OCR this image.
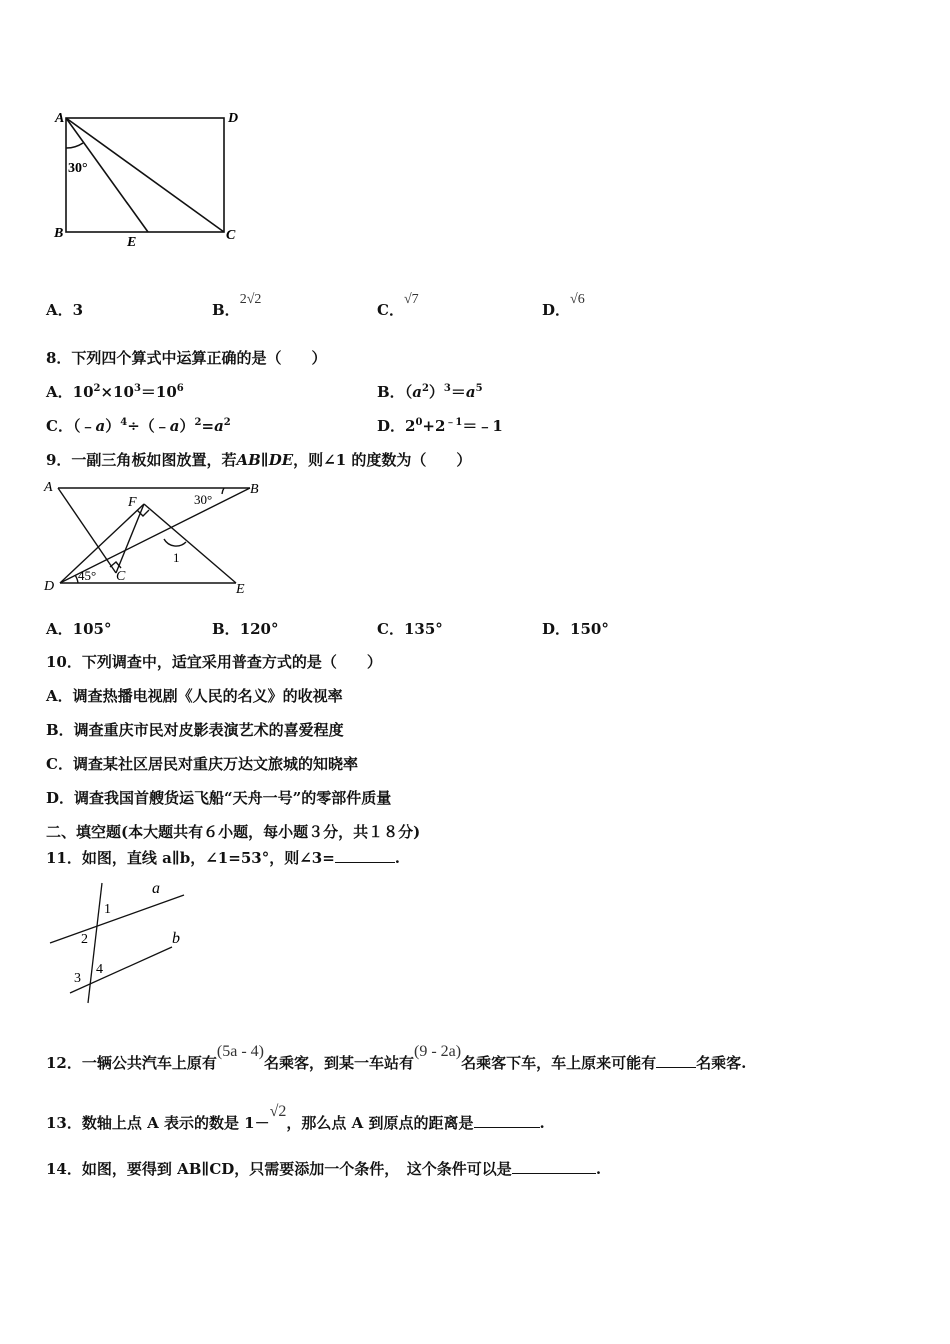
A	D
B	C
E
30°
A．3	B．2√2
C．√7
D．√6
8．下列四个算式中运算正确的是（　　）
A．$10^2\times 10^3=10^6$	B．$(a^2)^3=a^5$
C．$(﹣a)^4\div(﹣a)^2=a^2$	D．$2^0+2^{﹣1}=﹣1$
9．一副三角板如图放置，若AB∥DE，则∠1 的度数为（　　）
A	B
F
D
C
E
30°
45°
1
A．105°	B．120°	C．135°	D．150°
10．下列调查中，适宜采用普查方式的是（　　）
A．调查热播电视剧《人民的名义》的收视率
B．调查重庆市民对皮影表演艺术的喜爱程度
C．调查某社区居民对重庆万达文旅城的知晓率
D．调查我国首艘货运飞船“天舟一号”的零部件质量
二、填空题(本大题共有６小题，每小题３分，共１８分)
11．如图，直线 a∥b，∠1=53°，则∠3=	.
a
b
1
2
3
4
12．一辆公共汽车上原有(5a - 4)名乘客，到某一车站有(9 - 2a)名乘客下车，车上原来可能有	名乘客.
13．数轴上点 A 表示的数是 1－√2，那么点 A 到原点的距离是	.
14．如图，要得到 AB∥CD，只需要添加一个条件，　这个条件可以是	.
